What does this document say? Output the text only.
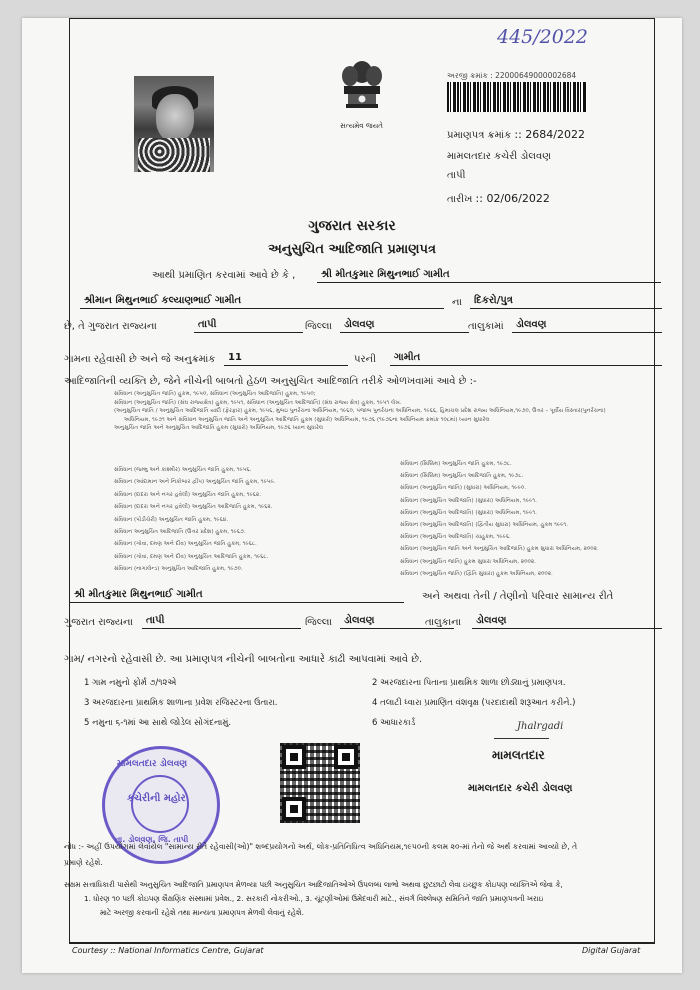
445/2022
સત્યમેવ જયતે
અરજી ક્રમાંક : 22000649000002684
પ્રમાણપત્ર ક્રમાંક :: 2684/2022
મામલતદાર કચેરી ડોલવણ
તાપી
તારીખ :: 02/06/2022
ગુજરાત સરકાર
અનુસુચિત આદિજાતિ પ્રમાણપત્ર
આથી પ્રમાણિત કરવામાં આવે છે કે ,	શ્રી મીતકુમાર મિથુનભાઈ ગામીત
શ્રીમાન મિથુનભાઈ કલ્યાણભાઈ ગામીત	ના	દિકરો/પુત્ર
છે, તે ગુજરાત રાજ્યના	તાપી	જિલ્લા	ડોલવણ	તાલુકામાં	ડોલવણ
ગામના રહેવાસી છે અને જે અનુક્રમાંક	11	પરની	ગામીત
આદિજાતિની વ્યક્તિ છે, જેને નીચેની બાબતો હેઠળ અનુસુચિત આદિજાતિ તરીકે ઓળખવામાં આવે છે :-
સંવિધાન (અનુસુચિત જાતિ) હુકમ, ૧૯૫૦, સંવિધાન (અનુસુચિત આદિજાતિ) હુકમ, ૧૯૫૦;
સંવિધાન (અનુસુચિત જાતિ) (સંઘ રાજ્યક્ષેત્ર) હુકમ, ૧૯૫૧, સંવિધાન (અનુસુચિત આદિજાતિ) (સંઘ રાજ્ય ક્ષેત્ર) હુકમ, ૧૯૫૧ લેખ.
(અનુસુચિત જાતિ / અનુસુચિત આદિજાતિ યાદી (ફેરફાર) હુકમ, ૧૯૫૬, મુંબઇ પુનર્રચના અધિનિયમ, ૧૯૬૦, પંજાબ પુનર્રચના અધિનિયમ, ૧૯૬૬, હિમાચલ પ્રદેશ રાજ્ય અધિનિયમ,૧૯૭૦, ઉત્તર – પૂર્વીય વિસ્તાર(પુનર્રચના)
અધિનિયમ, ૧૯૭૧ અને સંવિધાન અનુસુચિત જાતિ અને અનુસુચિત આદિજાતિ હુકમ (સુધારો) અધિનિયમ, ૧૯૭૬ (૧૯૭૬ના અધિનિયમ ક્રમાંક ૧૦૮માં) ધ્યાન સુધારેલ
અનુસુચિત જાતિ અને અનુસુચિત આદિજાતિ હુકમ (સુધારો) અધિનિયમ, ૧૯૭૬ ધ્યાન સુધારેલ
સંવિધાન (જમ્મુ અને કાશ્મીર) અનુસુચિત જાતિ હુકમ, ૧૯૫૬.
સંવિધાન (આંદામાન અને નિકોબાર દ્વીપ) અનુસુચિત જાતિ હુકમ, ૧૯૫૯.
સંવિધાન (દાદરા અને નગર હવેલી) અનુસુચિત જાતિ હુકમ, ૧૯૬૨.
સંવિધાન (દાદરા અને નગર હવેલી) અનુસુચિત આદિજાતિ હુકમ, ૧૯૬૨.
સંવિધાન (પોંડીચેરી) અનુસુચિત જાતિ હુકમ, ૧૯૬૪.
સંવિધાન અનુસુચિત આદિજાતિ (ઉત્તર પ્રદેશ) હુકમ, ૧૯૬૭.
સંવિધાન (ગોવા, દમણ અને દીવ) અનુસુચિત જાતિ હુકમ, ૧૯૬૮.
સંવિધાન (ગોવા, દમણ અને દીવ) અનુસુચિત આદિજાતિ હુકમ, ૧૯૬૮.
સંવિધાન (નાગાલેન્ડ) અનુસુચિત આદિજાતિ હુકમ, ૧૯૭૦.
સંવિધાન (સિક્કિમ) અનુસુચિત જાતિ હુકમ, ૧૯૭૮.
સંવિધાન (સિક્કિમ) અનુસુચિત આદિજાતિ હુકમ, ૧૯૭૮.
સંવિધાન (અનુસુચિત જાતિ) (સુધારા) અધિનિયમ, ૧૯૯૦.
સંવિધાન (અનુસુચિત આદિજાતિ) (સુધારા) અધિનિયમ, ૧૯૯૧.
સંવિધાન (અનુસુચિત આદિજાતિ) (સુધારા) અધિનિયમ, ૧૯૯૧.
સંવિધાન (અનુસુચિત આદિજાતિ) (દ્વિતીય સુધારા) અધિનિયમ, હુકમ ૧૯૯૧.
સંવિધાન (અનુસુચિત આદિજાતિ) ચાહુકમ, ૧૯૯૬.
સંવિધાન (અનુસુચિત જાતિ અને અનુસુચિત આદિજાતિ) હુકમ સુધારા અધિનિયમ, ૨૦૦૨.
સંવિધાન (અનુસુચિત જાતિ) હુકમ સુધારા અધિનિયમ, ૨૦૦૨.
સંવિધાન (અનુસુચિત જાતિ) (દ્વિતિ સુધારા) હુકમ અધિનિયમ, ૨૦૦૨.
શ્રી મીતકુમાર મિથુનભાઈ ગામીત	અને અથવા તેની / તેણીનો પરિવાર સામાન્ય રીતે
ગુજરાત રાજ્યના	તાપી	જિલ્લા	ડોલવણ	તાલુકાના	ડોલવણ
ગામ/ નગરનો રહેવાસી છે. આ પ્રમાણપત્ર નીચેની બાબતોના આધારે કાઢી આપવામાં આવે છે.
1 ગામ નમુનો ફોર્મ ૭/૧૨એ	2 અરજદારના પિતાના પ્રાથમિક શાળા છોડ્યાનું પ્રમાણપત્ર.
3 અરજદારના પ્રાથમિક શાળાના પ્રવેશ રજિસ્ટરના ઉતારા.	4 તલાટી ધ્વારા પ્રમાણિત વંશવૃક્ષ (પરદાદાથી શરૂઆત કરીને.)
5 નમુના ૬-૧માં આ સાથે જોડેલ સોગંદનામું.	6 આધારકાર્ડ
મામલતદાર ડોલવણ
કચેરીની મહોર
તા. ડોલવણ, જિ. તાપી
Jhalrgadi
મામલતદાર
મામલતદાર કચેરી ડોલવણ
નોંધ :- અહીં ઉપયોગમાં લેવાયેલ "સામાન્ય રીતે રહેવાસી(ઓ)" શબ્દપ્રયોગનો અર્થ, લોક-પ્રતિનિધિત્વ અધિનિયમ,૧૯૫૦ની કલમ ૨૦-માં તેનો જે અર્થ કરવામાં આવ્યો છે, તે
પ્રમાણે રહેશે.
સક્ષમ સત્તાધિકારી પાસેથી અનુસુચિત આદિજાતિ પ્રમાણપત્ર મેળવ્યા પછી અનુસુચિત આદિજાતિઓએ ઉપલબ્ધ લાભો અથવા છુટછાટો લેવા ઇચ્છુક કોઇપણ વ્યક્તિએ જેવા કે,
1. ધોરણ ૧૦ પછી કોઇપણ શૈક્ષણિક સંસ્થામાં પ્રવેશ., 2. સરકારી નોકરીઓ., 3. ચૂંટણીઓમાં ઉમેદવારી માટે., સંવર્ગ વિશ્લેષણ સમિતિને જાતિ પ્રમાણપત્રની ખરાઇ
માટે અરજી કરવાની રહેશે તથા માન્યતા પ્રમાણપત્ર મેળવી લેવાનું રહેશે.
Courtesy :: National Informatics Centre, Gujarat	Digital Gujarat
